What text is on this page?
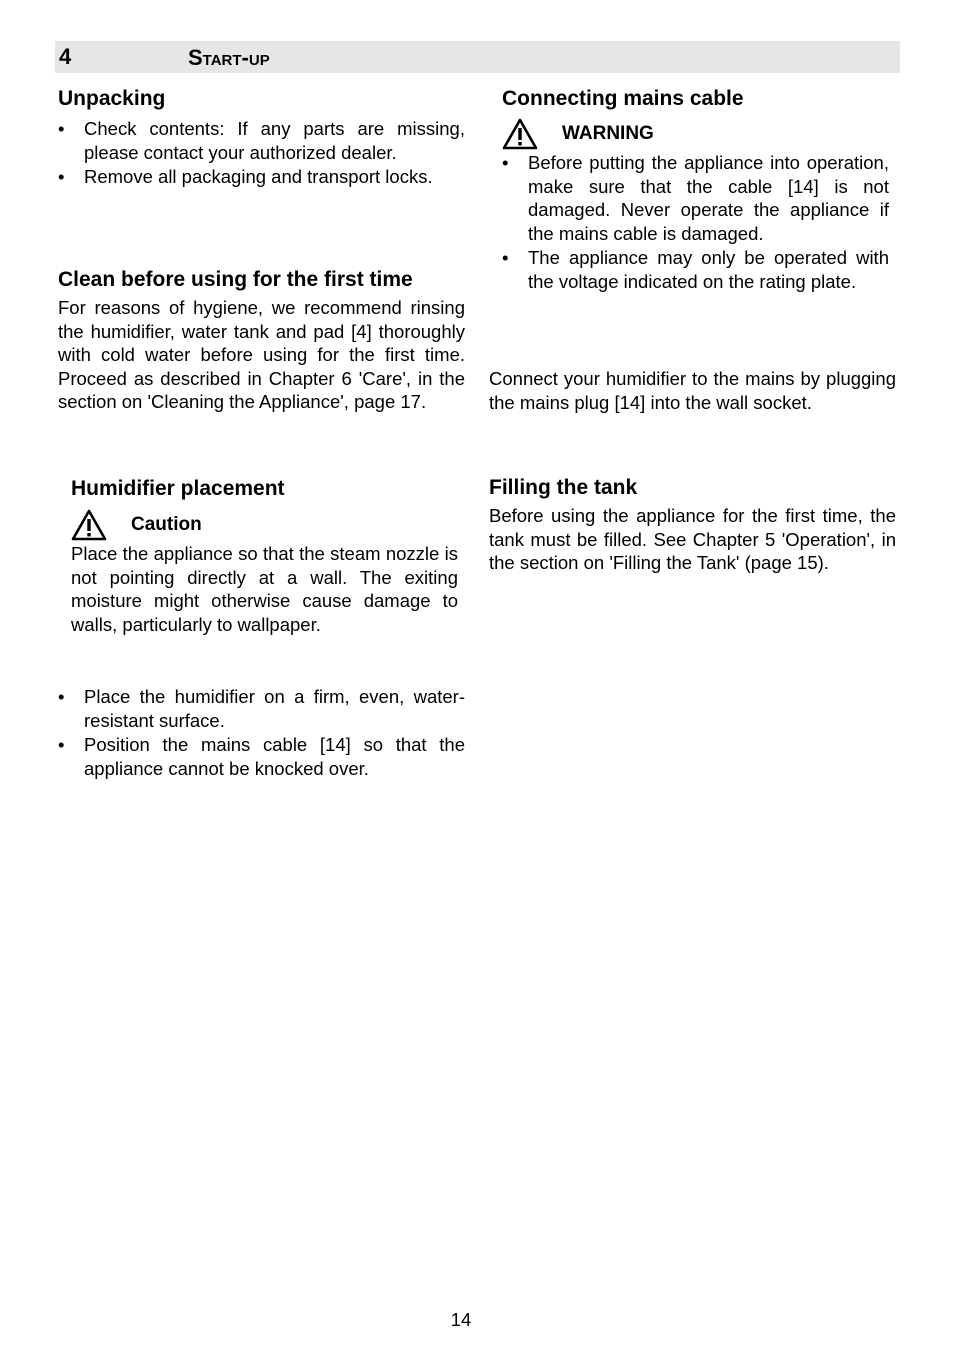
4	Start-up
Unpacking
•	Check contents: If any parts are missing, please contact your authorized dealer.
•	Remove all packaging and transport locks.
Clean before using for the first time

For reasons of hygiene, we recommend rinsing the humidifier, water tank and pad [4] thoroughly with cold water before using for the first time. Proceed as described in Chapter 6 'Care', in the section on 'Cleaning the Appliance', page 17.

Humidifier placement
Caution

Place the appliance so that the steam nozzle is not pointing directly at a wall. The exiting moisture might otherwise cause damage to walls, particularly to wallpaper.

•	Place the humidifier on a firm, even, water-resistant surface.
•	Position the mains cable [14] so that the appliance cannot be knocked over.
Connecting mains cable
WARNING
•	Before putting the appliance into operation, make sure that the cable [14] is not damaged. Never operate the appliance if the mains cable is damaged.
•	The appliance may only be operated with the voltage indicated on the rating plate.

Connect your humidifier to the mains by plugging the mains plug [14] into the wall socket.

Filling the tank

Before using the appliance for the first time, the tank must be filled. See Chapter 5 'Operation', in the section on 'Filling the Tank' (page 15).

14
